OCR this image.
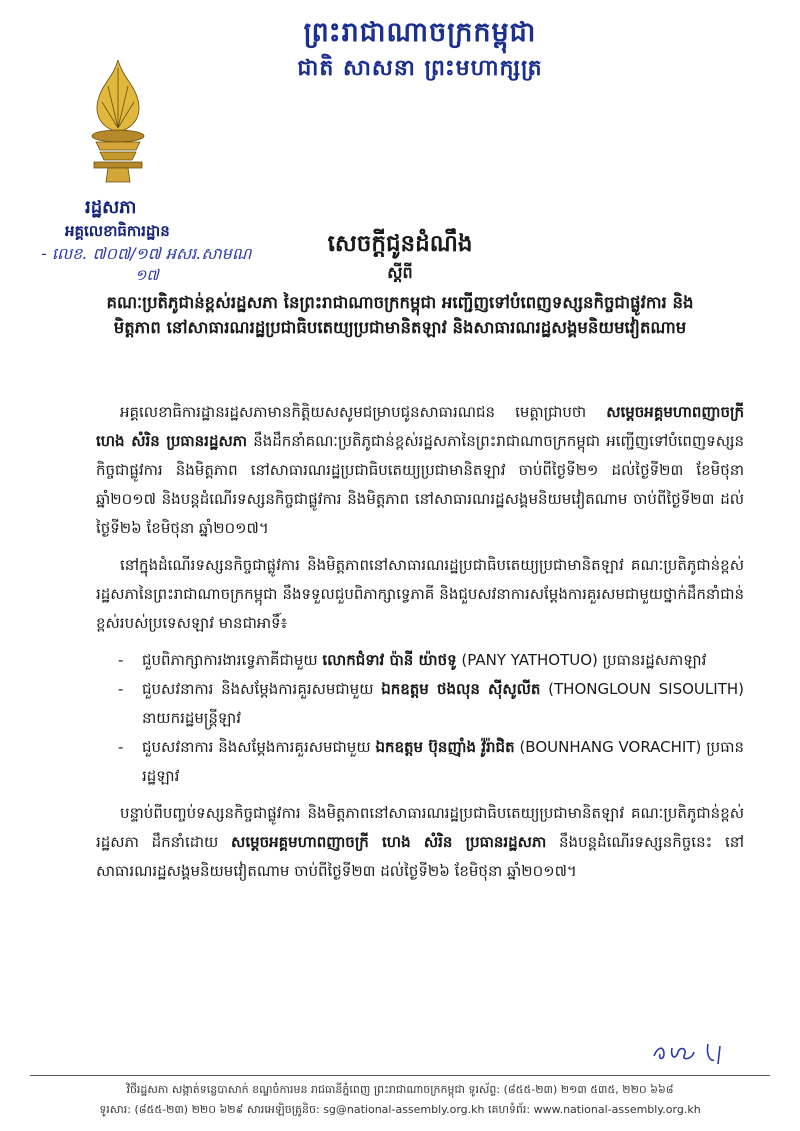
ព្រះរាជាណាចក្រកម្ពុជា
ជាតិ សាសនា ព្រះមហាក្សត្រ
រដ្ឋសភា
អគ្គលេខាធិការដ្ឋាន
- លេខ. ៧០៧/១៧ អសរ.សាមណ
១៧
សេចក្ដីជូនដំណឹង
ស្ដីពី
គណៈប្រតិភូជាន់ខ្ពស់រដ្ឋសភា នៃព្រះរាជាណាចក្រកម្ពុជា អញ្ជើញទៅបំពេញទស្សនកិច្ចជាផ្លូវការ និងមិត្តភាព នៅសាធារណរដ្ឋប្រជាធិបតេយ្យប្រជាមានិតឡាវ និងសាធារណរដ្ឋសង្គមនិយមវៀតណាម

អគ្គលេខាធិការដ្ឋានរដ្ឋសភាមានកិត្តិយសសូមជម្រាបជូនសាធារណជន មេត្តាជ្រាបថា សម្ដេចអគ្គមហាពញាចក្រី ហេង សំរិន ប្រធានរដ្ឋសភា នឹងដឹកនាំគណៈប្រតិភូជាន់ខ្ពស់រដ្ឋសភានៃព្រះរាជាណាចក្រកម្ពុជា អញ្ជើញទៅបំពេញទស្សនកិច្ចជាផ្លូវការ និងមិត្តភាព នៅសាធារណរដ្ឋប្រជាធិបតេយ្យប្រជាមានិតឡាវ ចាប់ពីថ្ងៃទី២១ ដល់ថ្ងៃទី២៣ ខែមិថុនា ឆ្នាំ២០១៧ និងបន្តដំណើរទស្សនកិច្ចជាផ្លូវការ និងមិត្តភាព នៅសាធារណរដ្ឋសង្គមនិយមវៀតណាម ចាប់ពីថ្ងៃទី២៣ ដល់ថ្ងៃទី២៦ ខែមិថុនា ឆ្នាំ២០១៧។

នៅក្នុងដំណើរទស្សនកិច្ចជាផ្លូវការ និងមិត្តភាពនៅសាធារណរដ្ឋប្រជាធិបតេយ្យប្រជាមានិតឡាវ គណៈប្រតិភូជាន់ខ្ពស់រដ្ឋសភានៃព្រះរាជាណាចក្រកម្ពុជា នឹងទទួលជួបពិភាក្សាទ្វេភាគី និងជួបសវនាការសម្ដែងការគួរសមជាមួយថ្នាក់ដឹកនាំជាន់ខ្ពស់របស់ប្រទេសឡាវ មានជាអាទិ៍៖

- ជួបពិភាក្សាការងារទ្វេភាគីជាមួយ លោកជំទាវ ប៉ានី យ៉ាថទូ (PANY YATHOTUO) ប្រធានរដ្ឋសភាឡាវ
- ជួបសវនាការ និងសម្ដែងការគួរសមជាមួយ ឯកឧត្ដម ថងលុន ស៊ីសូលីត (THONGLOUN SISOULITH) នាយករដ្ឋមន្ត្រីឡាវ
- ជួបសវនាការ និងសម្ដែងការគួរសមជាមួយ ឯកឧត្ដម ប៊ុនញ៉ាំង វ៉ូរ៉ាជិត (BOUNHANG VORACHIT) ប្រធានរដ្ឋឡាវ

បន្ទាប់ពីបញ្ចប់ទស្សនកិច្ចជាផ្លូវការ និងមិត្តភាពនៅសាធារណរដ្ឋប្រជាធិបតេយ្យប្រជាមានិតឡាវ គណៈប្រតិភូជាន់ខ្ពស់រដ្ឋសភា ដឹកនាំដោយ សម្ដេចអគ្គមហាពញាចក្រី ហេង សំរិន ប្រធានរដ្ឋសភា នឹងបន្តដំណើរទស្សនកិច្ចនេះ នៅសាធារណរដ្ឋសង្គមនិយមវៀតណាម ចាប់ពីថ្ងៃទី២៣ ដល់ថ្ងៃទី២៦ ខែមិថុនា ឆ្នាំ២០១៧។

វិថីរដ្ឋសភា សង្កាត់ទន្លេបាសាក់ ខណ្ឌចំការមន រាជធានីភ្នំពេញ ព្រះរាជាណាចក្រកម្ពុជា ទូរស័ព្ទ: (៨៥៥-២៣) ២១៣ ៥៣៥, ២២០ ៦៦៨
ទូរសារ: (៨៥៥-២៣) ២២០ ៦២៩ សារអេឡិចត្រូនិច: sg@national-assembly.org.kh គេហទំព័រ: www.national-assembly.org.kh
